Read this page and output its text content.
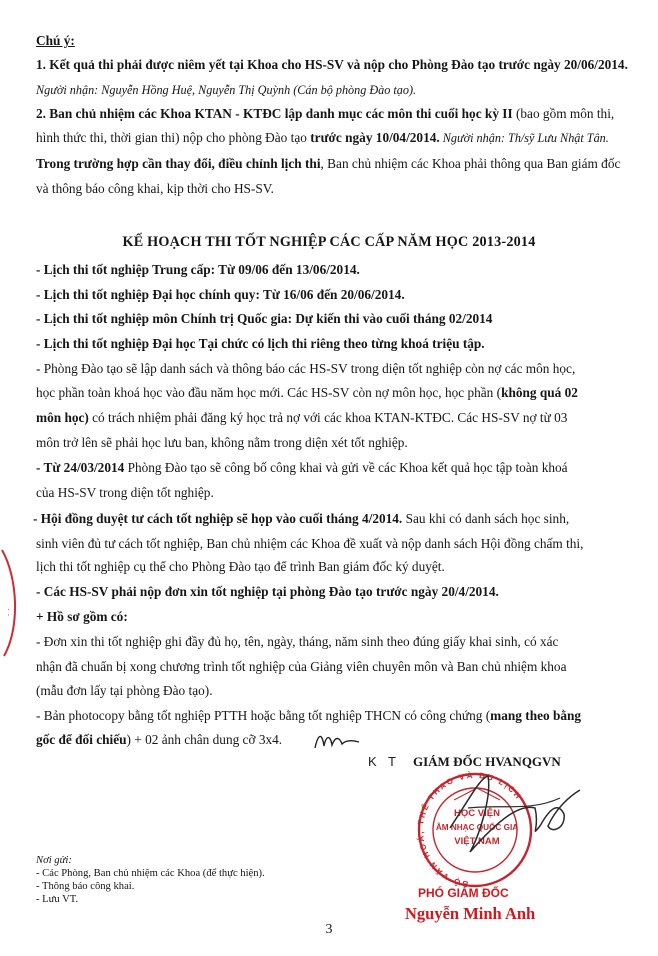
Chú ý:
1. Kết quả thi phải được niêm yết tại Khoa cho HS-SV và nộp cho Phòng Đào tạo trước ngày 20/06/2014.
Người nhận: Nguyễn Hồng Huệ, Nguyễn Thị Quỳnh (Cán bộ phòng Đào tạo).
2. Ban chủ nhiệm các Khoa KTAN - KTĐC lập danh mục các môn thi cuối học kỳ II (bao gồm môn thi,
hình thức thi, thời gian thi) nộp cho phòng Đào tạo trước ngày 10/04/2014. Người nhận: Th/sỹ Lưu Nhật Tân.
Trong trường hợp cần thay đổi, điều chỉnh lịch thi, Ban chủ nhiệm các Khoa phải thông qua Ban giám đốc
và thông báo công khai, kịp thời cho HS-SV.
KẾ HOẠCH THI TỐT NGHIỆP CÁC CẤP NĂM HỌC 2013-2014
- Lịch thi tốt nghiệp Trung cấp: Từ 09/06 đến 13/06/2014.
- Lịch thi tốt nghiệp Đại học chính quy: Từ 16/06 đến 20/06/2014.
- Lịch thi tốt nghiệp môn Chính trị Quốc gia: Dự kiến thi vào cuối tháng 02/2014
- Lịch thi tốt nghiệp Đại học Tại chức có lịch thi riêng theo từng khoá triệu tập.
- Phòng Đào tạo sẽ lập danh sách và thông báo các HS-SV trong diện tốt nghiệp còn nợ các môn học,
học phần toàn khoá học vào đầu năm học mới. Các HS-SV còn nợ môn học, học phần (không quá 02
môn học) có trách nhiệm phải đăng ký học trả nợ với các khoa KTAN-KTĐC. Các HS-SV nợ từ 03
môn trở lên sẽ phải học lưu ban, không nằm trong diện xét tốt nghiệp.
- Từ 24/03/2014 Phòng Đào tạo sẽ công bố công khai và gửi về các Khoa kết quả học tập toàn khoá
của HS-SV trong diện tốt nghiệp.
- Hội đồng duyệt tư cách tốt nghiệp sẽ họp vào cuối tháng 4/2014. Sau khi có danh sách học sinh,
sinh viên đủ tư cách tốt nghiệp, Ban chủ nhiệm các Khoa đề xuất và nộp danh sách Hội đồng chấm thi,
lịch thi tốt nghiệp cụ thể cho Phòng Đào tạo để trình Ban giám đốc ký duyệt.
- Các HS-SV phải nộp đơn xin tốt nghiệp tại phòng Đào tạo trước ngày 20/4/2014.
+ Hồ sơ gồm có:
- Đơn xin thi tốt nghiệp ghi đầy đủ họ, tên, ngày, tháng, năm sinh theo đúng giấy khai sinh, có xác
nhận đã chuẩn bị xong chương trình tốt nghiệp của Giảng viên chuyên môn và Ban chủ nhiệm khoa
(mẫu đơn lấy tại phòng Đào tạo).
- Bản photocopy bằng tốt nghiệp PTTH hoặc bằng tốt nghiệp THCN có công chứng (mang theo bằng
gốc để đối chiếu) + 02 ảnh chân dung cỡ 3x4.
K T GIÁM ĐỐC HVANQGVN
BỘ VĂN HOÁ, THỂ THAO VÀ DU LỊCH
HỌC VIỆN
ÂM NHẠC QUỐC GIA
VIỆT NAM
PHÓ GIÁM ĐỐC
Nguyễn Minh Anh
Nơi gửi:
- Các Phòng, Ban chủ nhiệm các Khoa (để thực hiện).
- Thông báo công khai.
- Lưu VT.
3
· ·
